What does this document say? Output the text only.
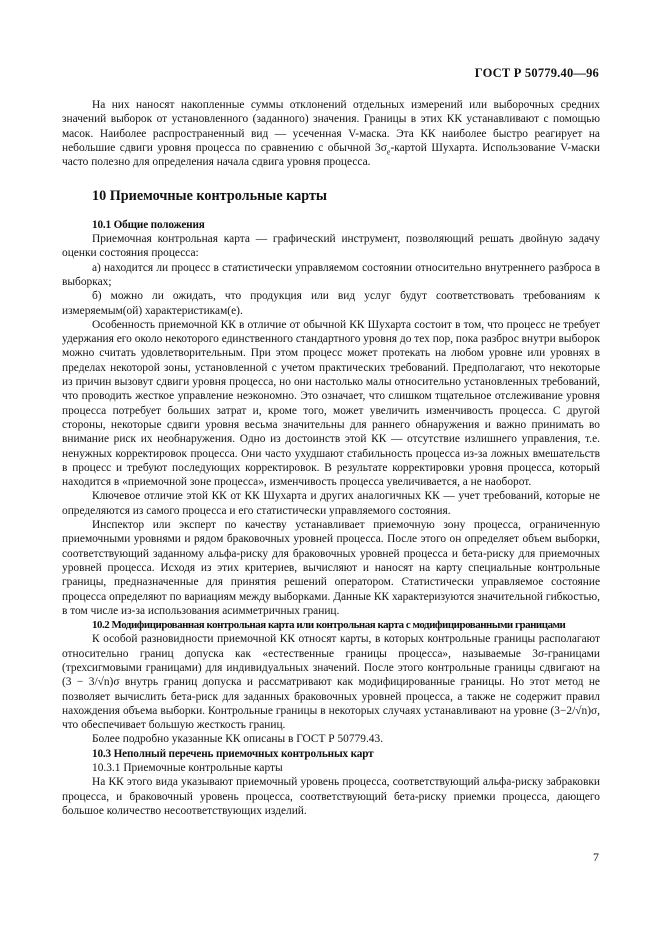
ГОСТ Р 50779.40—96

На них наносят накопленные суммы отклонений отдельных измерений или выборочных средних значений выборок от установленного (заданного) значения. Границы в этих КК устанавливают с помощью масок. Наиболее распространенный вид — усеченная V-маска. Эта КК наиболее быстро реагирует на небольшие сдвиги уровня процесса по сравнению с обычной $3\sigma_e$-картой Шухарта. Использование V-маски часто полезно для определения начала сдвига уровня процесса.

10 Приемочные контрольные карты
10.1 Общие положения

Приемочная контрольная карта — графический инструмент, позволяющий решать двойную задачу оценки состояния процесса:

а) находится ли процесс в статистически управляемом состоянии относительно внутреннего разброса в выборках;

б) можно ли ожидать, что продукция или вид услуг будут соответствовать требованиям к измеряемым(ой) характеристикам(е).

Особенность приемочной КК в отличие от обычной КК Шухарта состоит в том, что процесс не требует удержания его около некоторого единственного стандартного уровня до тех пор, пока разброс внутри выборок можно считать удовлетворительным. При этом процесс может протекать на любом уровне или уровнях в пределах некоторой зоны, установленной с учетом практических требований. Предполагают, что некоторые из причин вызовут сдвиги уровня процесса, но они настолько малы относительно установленных требований, что проводить жесткое управление неэкономно. Это означает, что слишком тщательное отслеживание уровня процесса потребует больших затрат и, кроме того, может увеличить изменчивость процесса. С другой стороны, некоторые сдвиги уровня весьма значительны для раннего обнаружения и важно принимать во внимание риск их необнаружения. Одно из достоинств этой КК — отсутствие излишнего управления, т.е. ненужных корректировок процесса. Они часто ухудшают стабильность процесса из-за ложных вмешательств в процесс и требуют последующих корректировок. В результате корректировки уровня процесса, который находится в «приемочной зоне процесса», изменчивость процесса увеличивается, а не наоборот.

Ключевое отличие этой КК от КК Шухарта и других аналогичных КК — учет требований, которые не определяются из самого процесса и его статистически управляемого состояния.

Инспектор или эксперт по качеству устанавливает приемочную зону процесса, ограниченную приемочными уровнями и рядом браковочных уровней процесса. После этого он определяет объем выборки, соответствующий заданному альфа-риску для браковочных уровней процесса и бета-риску для приемочных уровней процесса. Исходя из этих критериев, вычисляют и наносят на карту специальные контрольные границы, предназначенные для принятия решений оператором. Статистически управляемое состояние процесса определяют по вариациям между выборками. Данные КК характеризуются значительной гибкостью, в том числе из-за использования асимметричных границ.

10.2 Модифицированная контрольная карта или контрольная карта с модифицированными границами

К особой разновидности приемочной КК относят карты, в которых контрольные границы располагают относительно границ допуска как «естественные границы процесса», называемые 3σ-границами (трехсигмовыми границами) для индивидуальных значений. После этого контрольные границы сдвигают на (3 − 3/√n)σ внутрь границ допуска и рассматривают как модифицированные границы. Но этот метод не позволяет вычислить бета-риск для заданных браковочных уровней процесса, а также не содержит правил нахождения объема выборки. Контрольные границы в некоторых случаях устанавливают на уровне (3−2/√n)σ, что обеспечивает большую жесткость границ.

Более подробно указанные КК описаны в ГОСТ Р 50779.43.

10.3 Неполный перечень приемочных контрольных карт
10.3.1 Приемочные контрольные карты

На КК этого вида указывают приемочный уровень процесса, соответствующий альфа-риску забраковки процесса, и браковочный уровень процесса, соответствующий бета-риску приемки процесса, дающего большое количество несоответствующих изделий.

7
